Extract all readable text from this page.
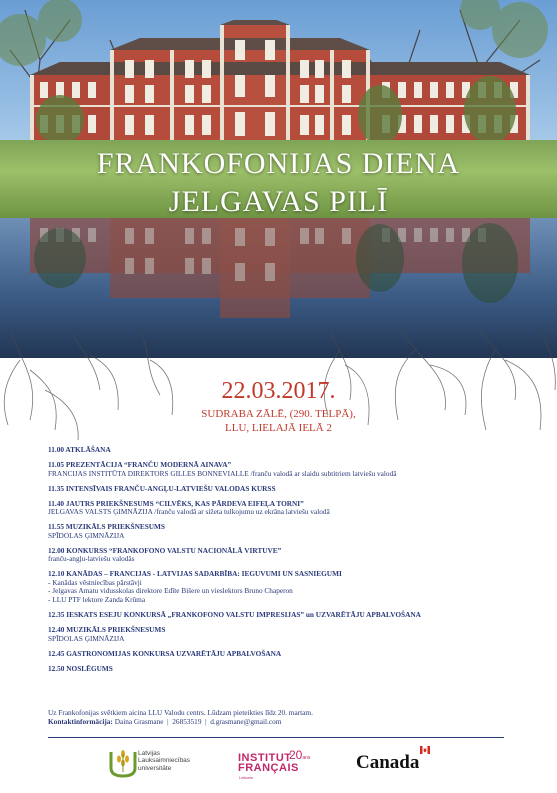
FRANKOFONIJAS DIENA
JELGAVAS PILĪ
22.03.2017.
SUDRABA ZĀLĒ, (290. TELPĀ),
LLU, LIELAJĀ IELĀ 2
11.00 ATKLĀŠANA
11.05 PREZENTĀCIJA “FRANČU MODERNĀ AINAVA”
FRANCIJAS INSTITŪTA DIREKTORS GILLES BONNEVIALLE /franču valodā ar slaidu subtitriem latviešu valodā
11.35 INTENSĪVAIS FRANČU-ANGĻU-LATVIEŠU VALODAS KURSS
11.40 JAUTRS PRIEKŠNESUMS “CILVĒKS, KAS PĀRDEVA EIFEĻA TORNI”
JELGAVAS VALSTS ĢIMNĀZIJA /franču valodā ar sižeta tulkojumu uz ekrāna latviešu valodā
11.55 MUZIKĀLS PRIEKŠNESUMS
SPĪDOLAS ĢIMNĀZIJA
12.00 KONKURSS “FRANKOFONO VALSTU NACIONĀLĀ VIRTUVE”
franču-angļu-latviešu valodās
12.10 KANĀDAS – FRANCIJAS - LATVIJAS SADARBĪBA: IEGUVUMI UN SASNIEGUMI
- Kanādas vēstniecības pārstāvji
- Jelgavas Amatu vidusskolas direktore Edīte Bišere un vieslektors Bruno Chaperon
- LLU PTF lektore Zanda Krūma
12.35 IESKATS ESEJU KONKURSĀ „FRANKOFONO VALSTU IMPRESIJAS” un UZVARĒTĀJU APBALVOŠANA
12.40 MUZIKĀLS PRIEKŠNESUMS
SPĪDOLAS ĢIMNĀZIJA
12.45 GASTRONOMIJAS KONKURSA UZVARĒTĀJU APBALVOŠANA
12.50 NOSLĒGUMS
Uz Frankofonijas svētkiem aicina LLU Valodu centrs. Lūdzam pieteikties līdz 20. martam.
Kontaktinformācija: Daina Grasmane  |  26853519  |  d.grasmane@gmail.com
Latvijas
Lauksaimniecības
universitāte
INSTITUT
FRANÇAIS
20ans
Lettonie
Canada
